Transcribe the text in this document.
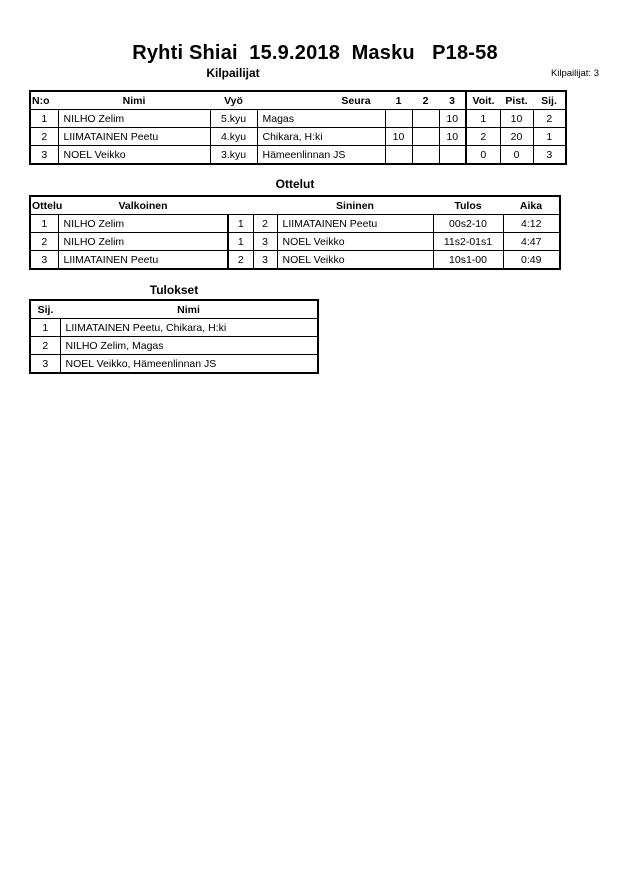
Ryhti Shiai  15.9.2018  Masku   P18-58
Kilpailijat	Kilpailijat: 3
N:o	Nimi	Vyö	Seura	1	2	3	Voit.	Pist.	Sij.
1	NILHO Zelim	5.kyu	Magas			10	1	10	2
2	LIIMATAINEN Peetu	4.kyu	Chikara, H:ki	10		10	2	20	1
3	NOEL Veikko	3.kyu	Hämeenlinnan JS				0	0	3
Ottelut
Ottelu	Valkoinen			Sininen	Tulos	Aika
1	NILHO Zelim	1	2	LIIMATAINEN Peetu	00s2-10	4:12
2	NILHO Zelim	1	3	NOEL Veikko	11s2-01s1	4:47
3	LIIMATAINEN Peetu	2	3	NOEL Veikko	10s1-00	0:49
Tulokset
Sij.	Nimi
1	LIIMATAINEN Peetu, Chikara, H:ki
2	NILHO Zelim, Magas
3	NOEL Veikko, Hämeenlinnan JS
